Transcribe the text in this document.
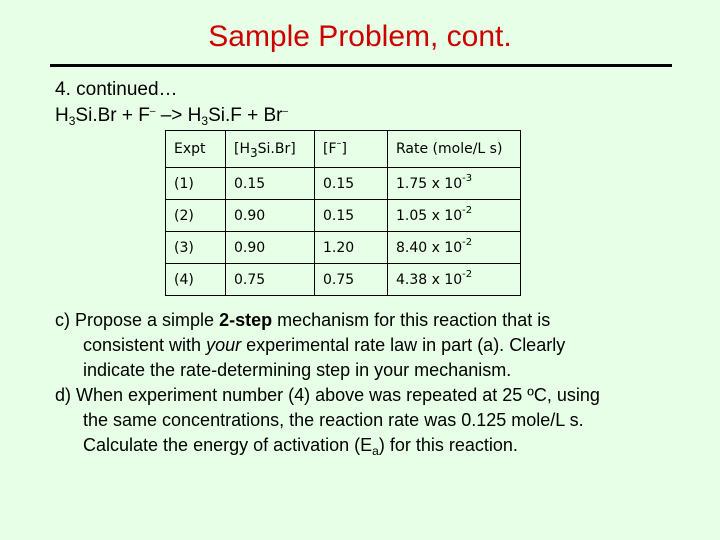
Sample Problem, cont.
4. continued…
$H_3Si.Br + F^- -> H_3Si.F + Br^-$
Expt	$[H_3Si.Br]$	[F–]	Rate (mole/L s)
(1)	0.15	0.15	1.75 x $10^{-3}$
(2)	0.90	0.15	1.05 x $10^{-2}$
(3)	0.90	1.20	8.40 x $10^{-2}$
(4)	0.75	0.75	4.38 x $10^{-2}$
c) Propose a simple 2-step mechanism for this reaction that is
consistent with your experimental rate law in part (a). Clearly
indicate the rate-determining step in your mechanism.
d) When experiment number (4) above was repeated at 25 ºC, using
the same concentrations, the reaction rate was 0.125 mole/L s.
Calculate the energy of activation $(E_a)$ for this reaction.
